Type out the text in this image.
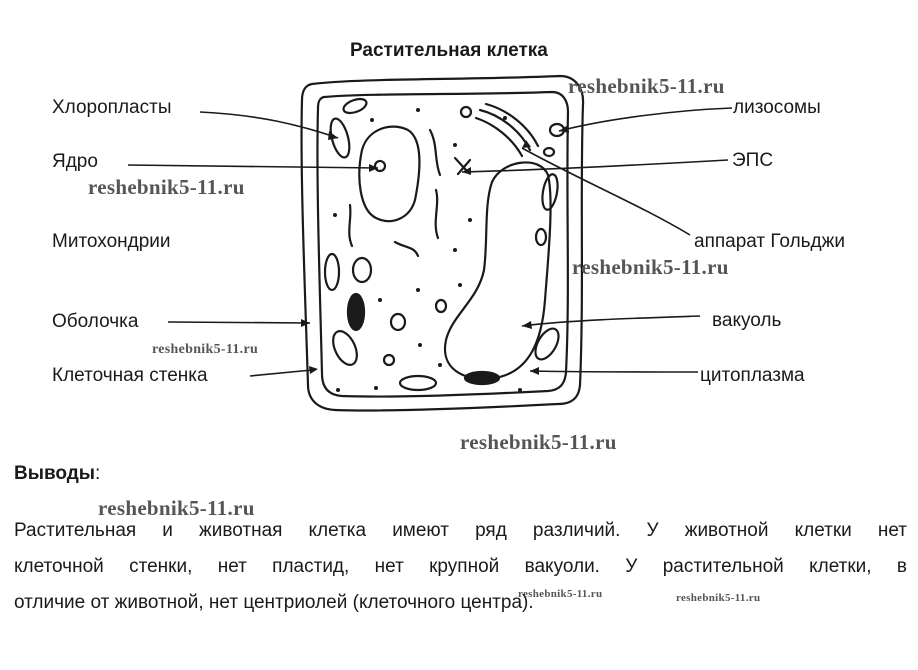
Растительная клетка
Хлоропласты
Ядро
Митохондрии
Оболочка
Клеточная стенка
лизосомы
ЭПС
аппарат Гольджи
вакуоль
цитоплазма
reshebnik5-11.ru
reshebnik5-11.ru
reshebnik5-11.ru
reshebnik5-11.ru
reshebnik5-11.ru
reshebnik5-11.ru
reshebnik5-11.ru	reshebnik5-11.ru
Выводы:
Растительная и животная клетка имеют ряд различий. У животной клетки нет
клеточной стенки, нет пластид, нет крупной вакуоли. У растительной клетки, в
отличие от животной, нет центриолей (клеточного центра).
